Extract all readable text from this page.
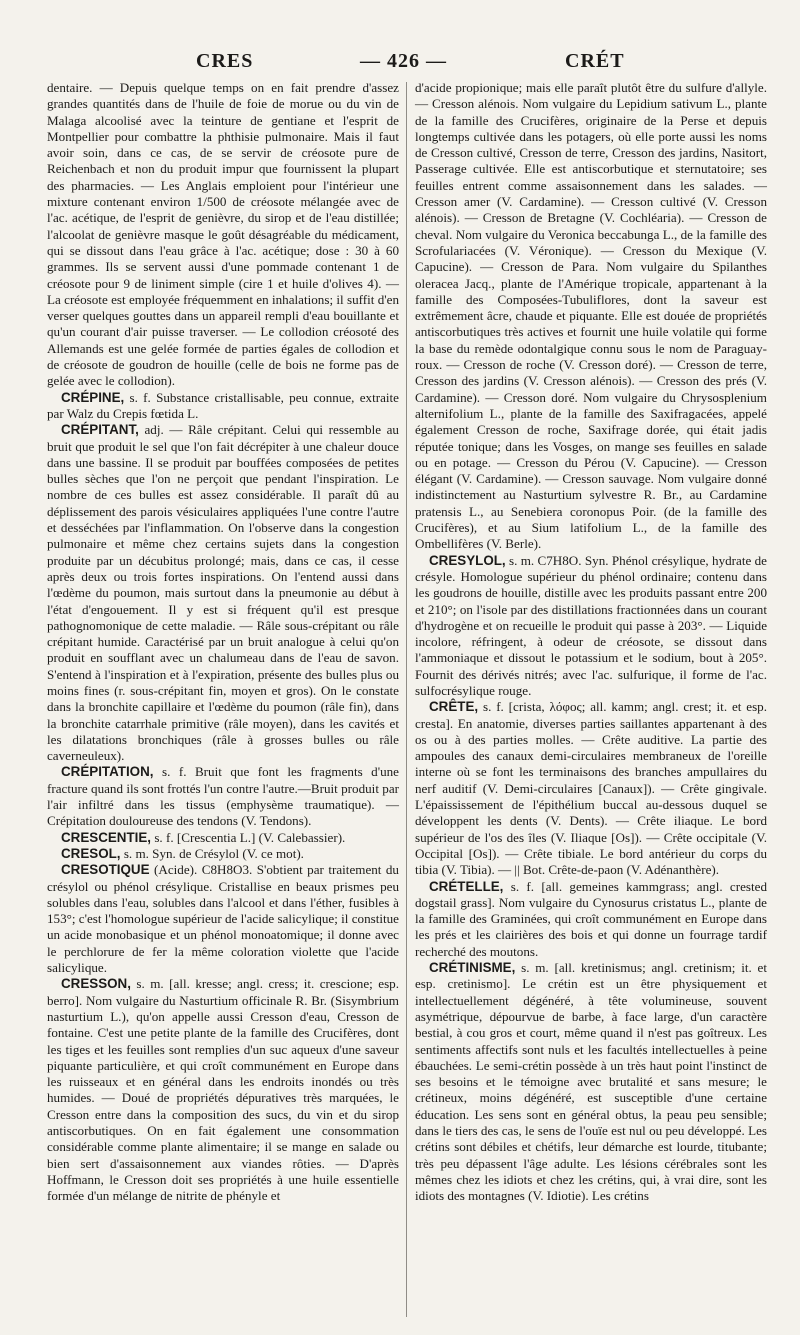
CRES	— 426 —	CRÉT

dentaire. — Depuis quelque temps on en fait prendre d'assez grandes quantités dans de l'huile de foie de morue ou du vin de Malaga alcoolisé avec la teinture de gentiane et l'esprit de Montpellier pour combattre la phthisie pulmonaire. Mais il faut avoir soin, dans ce cas, de se servir de créosote pure de Reichenbach et non du produit impur que fournissent la plupart des pharmacies. — Les Anglais emploient pour l'intérieur une mixture contenant environ 1/500 de créosote mélangée avec de l'ac. acétique, de l'esprit de genièvre, du sirop et de l'eau distillée; l'alcoolat de genièvre masque le goût désagréable du médicament, qui se dissout dans l'eau grâce à l'ac. acétique; dose : 30 à 60 grammes. Ils se servent aussi d'une pommade contenant 1 de créosote pour 9 de liniment simple (cire 1 et huile d'olives 4). — La créosote est employée fréquemment en inhalations; il suffit d'en verser quelques gouttes dans un appareil rempli d'eau bouillante et qu'un courant d'air puisse traverser. — Le collodion créosoté des Allemands est une gelée formée de parties égales de collodion et de créosote de goudron de houille (celle de bois ne forme pas de gelée avec le collodion).

CRÉPINE, s. f. Substance cristallisable, peu connue, extraite par Walz du Crepis fœtida L.

CRÉPITANT, adj. — Râle crépitant. Celui qui ressemble au bruit que produit le sel que l'on fait décrépiter à une chaleur douce dans une bassine. Il se produit par bouffées composées de petites bulles sèches que l'on ne perçoit que pendant l'inspiration. Le nombre de ces bulles est assez considérable. Il paraît dû au déplissement des parois vésiculaires appliquées l'une contre l'autre et desséchées par l'inflammation. On l'observe dans la congestion pulmonaire et même chez certains sujets dans la congestion produite par un décubitus prolongé; mais, dans ce cas, il cesse après deux ou trois fortes inspirations. On l'entend aussi dans l'œdème du poumon, mais surtout dans la pneumonie au début à l'état d'engouement. Il y est si fréquent qu'il est presque pathognomonique de cette maladie. — Râle sous-crépitant ou râle crépitant humide. Caractérisé par un bruit analogue à celui qu'on produit en soufflant avec un chalumeau dans de l'eau de savon. S'entend à l'inspiration et à l'expiration, présente des bulles plus ou moins fines (r. sous-crépitant fin, moyen et gros). On le constate dans la bronchite capillaire et l'œdème du poumon (râle fin), dans la bronchite catarrhale primitive (râle moyen), dans les cavités et les dilatations bronchiques (râle à grosses bulles ou râle caverneuleux).

CRÉPITATION, s. f. Bruit que font les fragments d'une fracture quand ils sont frottés l'un contre l'autre.—Bruit produit par l'air infiltré dans les tissus (emphysème traumatique). — Crépitation douloureuse des tendons (V. Tendons).

CRESCENTIE, s. f. [Crescentia L.] (V. Calebassier).

CRESOL, s. m. Syn. de Crésylol (V. ce mot).

CRESOTIQUE (Acide). C8H8O3. S'obtient par traitement du crésylol ou phénol crésylique. Cristallise en beaux prismes peu solubles dans l'eau, solubles dans l'alcool et dans l'éther, fusibles à 153°; c'est l'homologue supérieur de l'acide salicylique; il constitue un acide monobasique et un phénol monoatomique; il donne avec le perchlorure de fer la même coloration violette que l'acide salicylique.

CRESSON, s. m. [all. kresse; angl. cress; it. crescione; esp. berro]. Nom vulgaire du Nasturtium officinale R. Br. (Sisymbrium nasturtium L.), qu'on appelle aussi Cresson d'eau, Cresson de fontaine. C'est une petite plante de la famille des Crucifères, dont les tiges et les feuilles sont remplies d'un suc aqueux d'une saveur piquante particulière, et qui croît communément en Europe dans les ruisseaux et en général dans les endroits inondés ou très humides. — Doué de propriétés dépuratives très marquées, le Cresson entre dans la composition des sucs, du vin et du sirop antiscorbutiques. On en fait également une consommation considérable comme plante alimentaire; il se mange en salade ou bien sert d'assaisonnement aux viandes rôties. — D'après Hoffmann, le Cresson doit ses propriétés à une huile essentielle formée d'un mélange de nitrite de phényle et

d'acide propionique; mais elle paraît plutôt être du sulfure d'allyle. — Cresson alénois. Nom vulgaire du Lepidium sativum L., plante de la famille des Crucifères, originaire de la Perse et depuis longtemps cultivée dans les potagers, où elle porte aussi les noms de Cresson cultivé, Cresson de terre, Cresson des jardins, Nasitort, Passerage cultivée. Elle est antiscorbutique et sternutatoire; ses feuilles entrent comme assaisonnement dans les salades. — Cresson amer (V. Cardamine). — Cresson cultivé (V. Cresson alénois). — Cresson de Bretagne (V. Cochléaria). — Cresson de cheval. Nom vulgaire du Veronica beccabunga L., de la famille des Scrofulariacées (V. Véronique). — Cresson du Mexique (V. Capucine). — Cresson de Para. Nom vulgaire du Spilanthes oleracea Jacq., plante de l'Amérique tropicale, appartenant à la famille des Composées-Tubuliflores, dont la saveur est extrêmement âcre, chaude et piquante. Elle est douée de propriétés antiscorbutiques très actives et fournit une huile volatile qui forme la base du remède odontalgique connu sous le nom de Paraguay-roux. — Cresson de roche (V. Cresson doré). — Cresson de terre, Cresson des jardins (V. Cresson alénois). — Cresson des prés (V. Cardamine). — Cresson doré. Nom vulgaire du Chrysosplenium alternifolium L., plante de la famille des Saxifragacées, appelé également Cresson de roche, Saxifrage dorée, qui était jadis réputée tonique; dans les Vosges, on mange ses feuilles en salade ou en potage. — Cresson du Pérou (V. Capucine). — Cresson élégant (V. Cardamine). — Cresson sauvage. Nom vulgaire donné indistinctement au Nasturtium sylvestre R. Br., au Cardamine pratensis L., au Senebiera coronopus Poir. (de la famille des Crucifères), et au Sium latifolium L., de la famille des Ombellifères (V. Berle).

CRESYLOL, s. m. C7H8O. Syn. Phénol crésylique, hydrate de crésyle. Homologue supérieur du phénol ordinaire; contenu dans les goudrons de houille, distille avec les produits passant entre 200 et 210°; on l'isole par des distillations fractionnées dans un courant d'hydrogène et on recueille le produit qui passe à 203°. — Liquide incolore, réfringent, à odeur de créosote, se dissout dans l'ammoniaque et dissout le potassium et le sodium, bout à 205°. Fournit des dérivés nitrés; avec l'ac. sulfurique, il forme de l'ac. sulfocrésylique rouge.

CRÊTE, s. f. [crista, λόφος; all. kamm; angl. crest; it. et esp. cresta]. En anatomie, diverses parties saillantes appartenant à des os ou à des parties molles. — Crête auditive. La partie des ampoules des canaux demi-circulaires membraneux de l'oreille interne où se font les terminaisons des branches ampullaires du nerf auditif (V. Demi-circulaires [Canaux]). — Crête gingivale. L'épaississement de l'épithélium buccal au-dessous duquel se développent les dents (V. Dents). — Crête iliaque. Le bord supérieur de l'os des îles (V. Iliaque [Os]). — Crête occipitale (V. Occipital [Os]). — Crête tibiale. Le bord antérieur du corps du tibia (V. Tibia). — || Bot. Crête-de-paon (V. Adénanthère).

CRÉTELLE, s. f. [all. gemeines kammgrass; angl. crested dogstail grass]. Nom vulgaire du Cynosurus cristatus L., plante de la famille des Graminées, qui croît communément en Europe dans les prés et les clairières des bois et qui donne un fourrage tardif recherché des moutons.

CRÉTINISME, s. m. [all. kretinismus; angl. cretinism; it. et esp. cretinismo]. Le crétin est un être physiquement et intellectuellement dégénéré, à tête volumineuse, souvent asymétrique, dépourvue de barbe, à face large, d'un caractère bestial, à cou gros et court, même quand il n'est pas goîtreux. Les sentiments affectifs sont nuls et les facultés intellectuelles à peine ébauchées. Le semi-crétin possède à un très haut point l'instinct de ses besoins et le témoigne avec brutalité et sans mesure; le crétineux, moins dégénéré, est susceptible d'une certaine éducation. Les sens sont en général obtus, la peau peu sensible; dans le tiers des cas, le sens de l'ouïe est nul ou peu développé. Les crétins sont débiles et chétifs, leur démarche est lourde, titubante; très peu dépassent l'âge adulte. Les lésions cérébrales sont les mêmes chez les idiots et chez les crétins, qui, à vrai dire, sont les idiots des montagnes (V. Idiotie). Les crétins
